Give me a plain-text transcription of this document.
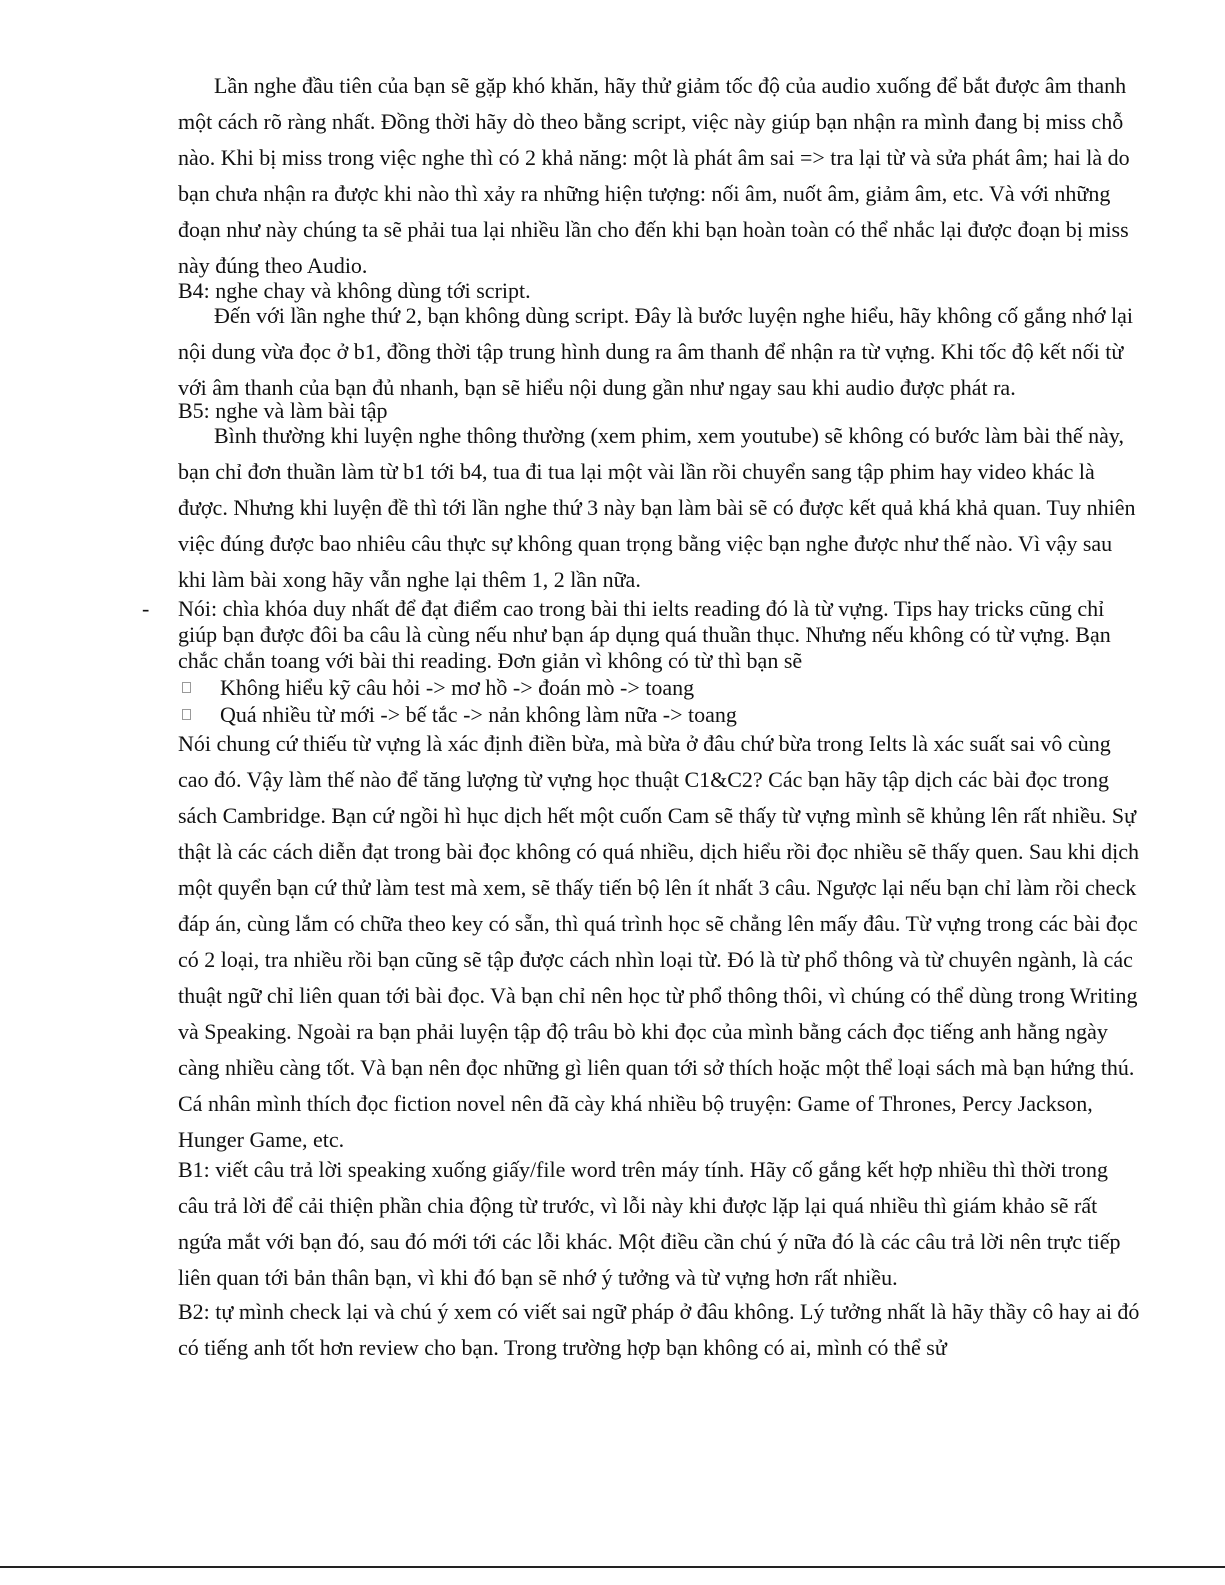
Lần nghe đầu tiên của bạn sẽ gặp khó khăn, hãy thử giảm tốc độ của audio xuống để bắt được âm thanh một cách rõ ràng nhất. Đồng thời hãy dò theo bằng script, việc này giúp bạn nhận ra mình đang bị miss chỗ nào. Khi bị miss trong việc nghe thì có 2 khả năng: một là phát âm sai => tra lại từ và sửa phát âm; hai là do bạn chưa nhận ra được khi nào thì xảy ra những hiện tượng: nối âm, nuốt âm, giảm âm, etc. Và với những đoạn như này chúng ta sẽ phải tua lại nhiều lần cho đến khi bạn hoàn toàn có thể nhắc lại được đoạn bị miss này đúng theo Audio.

B4: nghe chay và không dùng tới script.

Đến với lần nghe thứ 2, bạn không dùng script. Đây là bước luyện nghe hiểu, hãy không cố gắng nhớ lại nội dung vừa đọc ở b1, đồng thời tập trung hình dung ra âm thanh để nhận ra từ vựng. Khi tốc độ kết nối từ với âm thanh của bạn đủ nhanh, bạn sẽ hiểu nội dung gần như ngay sau khi audio được phát ra.

B5: nghe và làm bài tập

Bình thường khi luyện nghe thông thường (xem phim, xem youtube) sẽ không có bước làm bài thế này, bạn chỉ đơn thuần làm từ b1 tới b4, tua đi tua lại một vài lần rồi chuyển sang tập phim hay video khác là được. Nhưng khi luyện đề thì tới lần nghe thứ 3 này bạn làm bài sẽ có được kết quả khá khả quan. Tuy nhiên việc đúng được bao nhiêu câu thực sự không quan trọng bằng việc bạn nghe được như thế nào. Vì vậy sau khi làm bài xong hãy vẫn nghe lại thêm 1, 2 lần nữa.

- Nói: chìa khóa duy nhất để đạt điểm cao trong bài thi ielts reading đó là từ vựng. Tips hay tricks cũng chỉ giúp bạn được đôi ba câu là cùng nếu như bạn áp dụng quá thuần thục. Nhưng nếu không có từ vựng. Bạn chắc chắn toang với bài thi reading. Đơn giản vì không có từ thì bạn sẽ

Không hiểu kỹ câu hỏi -> mơ hồ -> đoán mò -> toang
Quá nhiều từ mới -> bế tắc -> nản không làm nữa -> toang

Nói chung cứ thiếu từ vựng là xác định điền bừa, mà bừa ở đâu chứ bừa trong Ielts là xác suất sai vô cùng cao đó. Vậy làm thế nào để tăng lượng từ vựng học thuật C1&C2? Các bạn hãy tập dịch các bài đọc trong sách Cambridge. Bạn cứ ngồi hì hục dịch hết một cuốn Cam sẽ thấy từ vựng mình sẽ khủng lên rất nhiều. Sự thật là các cách diễn đạt trong bài đọc không có quá nhiều, dịch hiểu rồi đọc nhiều sẽ thấy quen. Sau khi dịch một quyển bạn cứ thử làm test mà xem, sẽ thấy tiến bộ lên ít nhất 3 câu. Ngược lại nếu bạn chỉ làm rồi check đáp án, cùng lắm có chữa theo key có sẵn, thì quá trình học sẽ chẳng lên mấy đâu. Từ vựng trong các bài đọc có 2 loại, tra nhiều rồi bạn cũng sẽ tập được cách nhìn loại từ. Đó là từ phổ thông và từ chuyên ngành, là các thuật ngữ chỉ liên quan tới bài đọc. Và bạn chỉ nên học từ phổ thông thôi, vì chúng có thể dùng trong Writing và Speaking. Ngoài ra bạn phải luyện tập độ trâu bò khi đọc của mình bằng cách đọc tiếng anh hằng ngày càng nhiều càng tốt. Và bạn nên đọc những gì liên quan tới sở thích hoặc một thể loại sách mà bạn hứng thú. Cá nhân mình thích đọc fiction novel nên đã cày khá nhiều bộ truyện: Game of Thrones, Percy Jackson, Hunger Game, etc.

B1: viết câu trả lời speaking xuống giấy/file word trên máy tính. Hãy cố gắng kết hợp nhiều thì thời trong câu trả lời để cải thiện phần chia động từ trước, vì lỗi này khi được lặp lại quá nhiều thì giám khảo sẽ rất ngứa mắt với bạn đó, sau đó mới tới các lỗi khác. Một điều cần chú ý nữa đó là các câu trả lời nên trực tiếp liên quan tới bản thân bạn, vì khi đó bạn sẽ nhớ ý tưởng và từ vựng hơn rất nhiều.

B2: tự mình check lại và chú ý xem có viết sai ngữ pháp ở đâu không. Lý tưởng nhất là hãy thầy cô hay ai đó có tiếng anh tốt hơn review cho bạn. Trong trường hợp bạn không có ai, mình có thể sử
